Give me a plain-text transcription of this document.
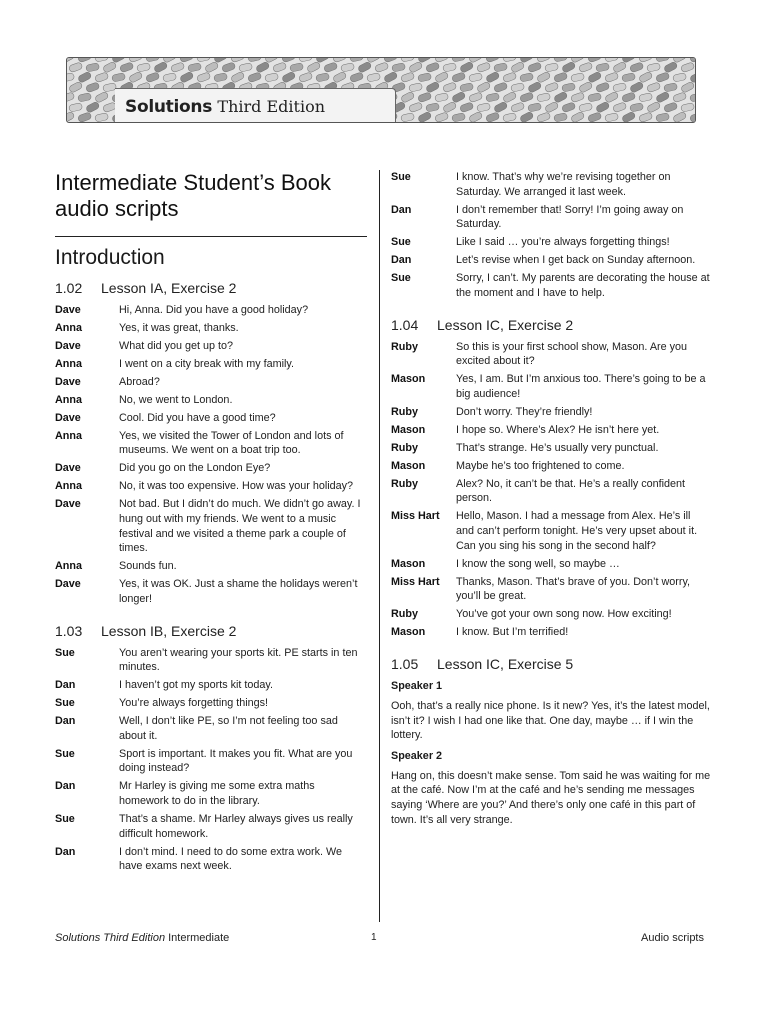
Solutions Third Edition
Intermediate Student’s Book
audio scripts
Introduction
1.02 Lesson IA, Exercise 2
Dave	Hi, Anna. Did you have a good holiday?
Anna	Yes, it was great, thanks.
Dave	What did you get up to?
Anna	I went on a city break with my family.
Dave	Abroad?
Anna	No, we went to London.
Dave	Cool. Did you have a good time?
Anna	Yes, we visited the Tower of London and lots of museums. We went on a boat trip too.
Dave	Did you go on the London Eye?
Anna	No, it was too expensive. How was your holiday?
Dave	Not bad. But I didn’t do much. We didn’t go away. I hung out with my friends. We went to a music festival and we visited a theme park a couple of times.
Anna	Sounds fun.
Dave	Yes, it was OK. Just a shame the holidays weren’t longer!
1.03 Lesson IB, Exercise 2
Sue	You aren’t wearing your sports kit. PE starts in ten minutes.
Dan	I haven’t got my sports kit today.
Sue	You’re always forgetting things!
Dan	Well, I don’t like PE, so I’m not feeling too sad about it.
Sue	Sport is important. It makes you fit. What are you doing instead?
Dan	Mr Harley is giving me some extra maths homework to do in the library.
Sue	That’s a shame. Mr Harley always gives us really difficult homework.
Dan	I don’t mind. I need to do some extra work. We have exams next week.
Sue	I know. That’s why we’re revising together on Saturday. We arranged it last week.
Dan	I don’t remember that! Sorry! I’m going away on Saturday.
Sue	Like I said … you’re always forgetting things!
Dan	Let’s revise when I get back on Sunday afternoon.
Sue	Sorry, I can’t. My parents are decorating the house at the moment and I have to help.
1.04 Lesson IC, Exercise 2
Ruby	So this is your first school show, Mason. Are you excited about it?
Mason	Yes, I am. But I’m anxious too. There’s going to be a big audience!
Ruby	Don’t worry. They’re friendly!
Mason	I hope so. Where’s Alex? He isn’t here yet.
Ruby	That’s strange. He’s usually very punctual.
Mason	Maybe he’s too frightened to come.
Ruby	Alex? No, it can’t be that. He’s a really confident person.
Miss Hart	Hello, Mason. I had a message from Alex. He’s ill and can’t perform tonight. He’s very upset about it. Can you sing his song in the second half?
Mason	I know the song well, so maybe …
Miss Hart	Thanks, Mason. That’s brave of you. Don’t worry, you’ll be great.
Ruby	You’ve got your own song now. How exciting!
Mason	I know. But I’m terrified!
1.05 Lesson IC, Exercise 5
Speaker 1

Ooh, that’s a really nice phone. Is it new? Yes, it’s the latest model, isn’t it? I wish I had one like that. One day, maybe … if I win the lottery.

Speaker 2

Hang on, this doesn’t make sense. Tom said he was waiting for me at the café. Now I’m at the café and he’s sending me messages saying ‘Where are you?’ And there’s only one café in this part of town. It’s all very strange.

Solutions Third Edition Intermediate	1	Audio scripts
